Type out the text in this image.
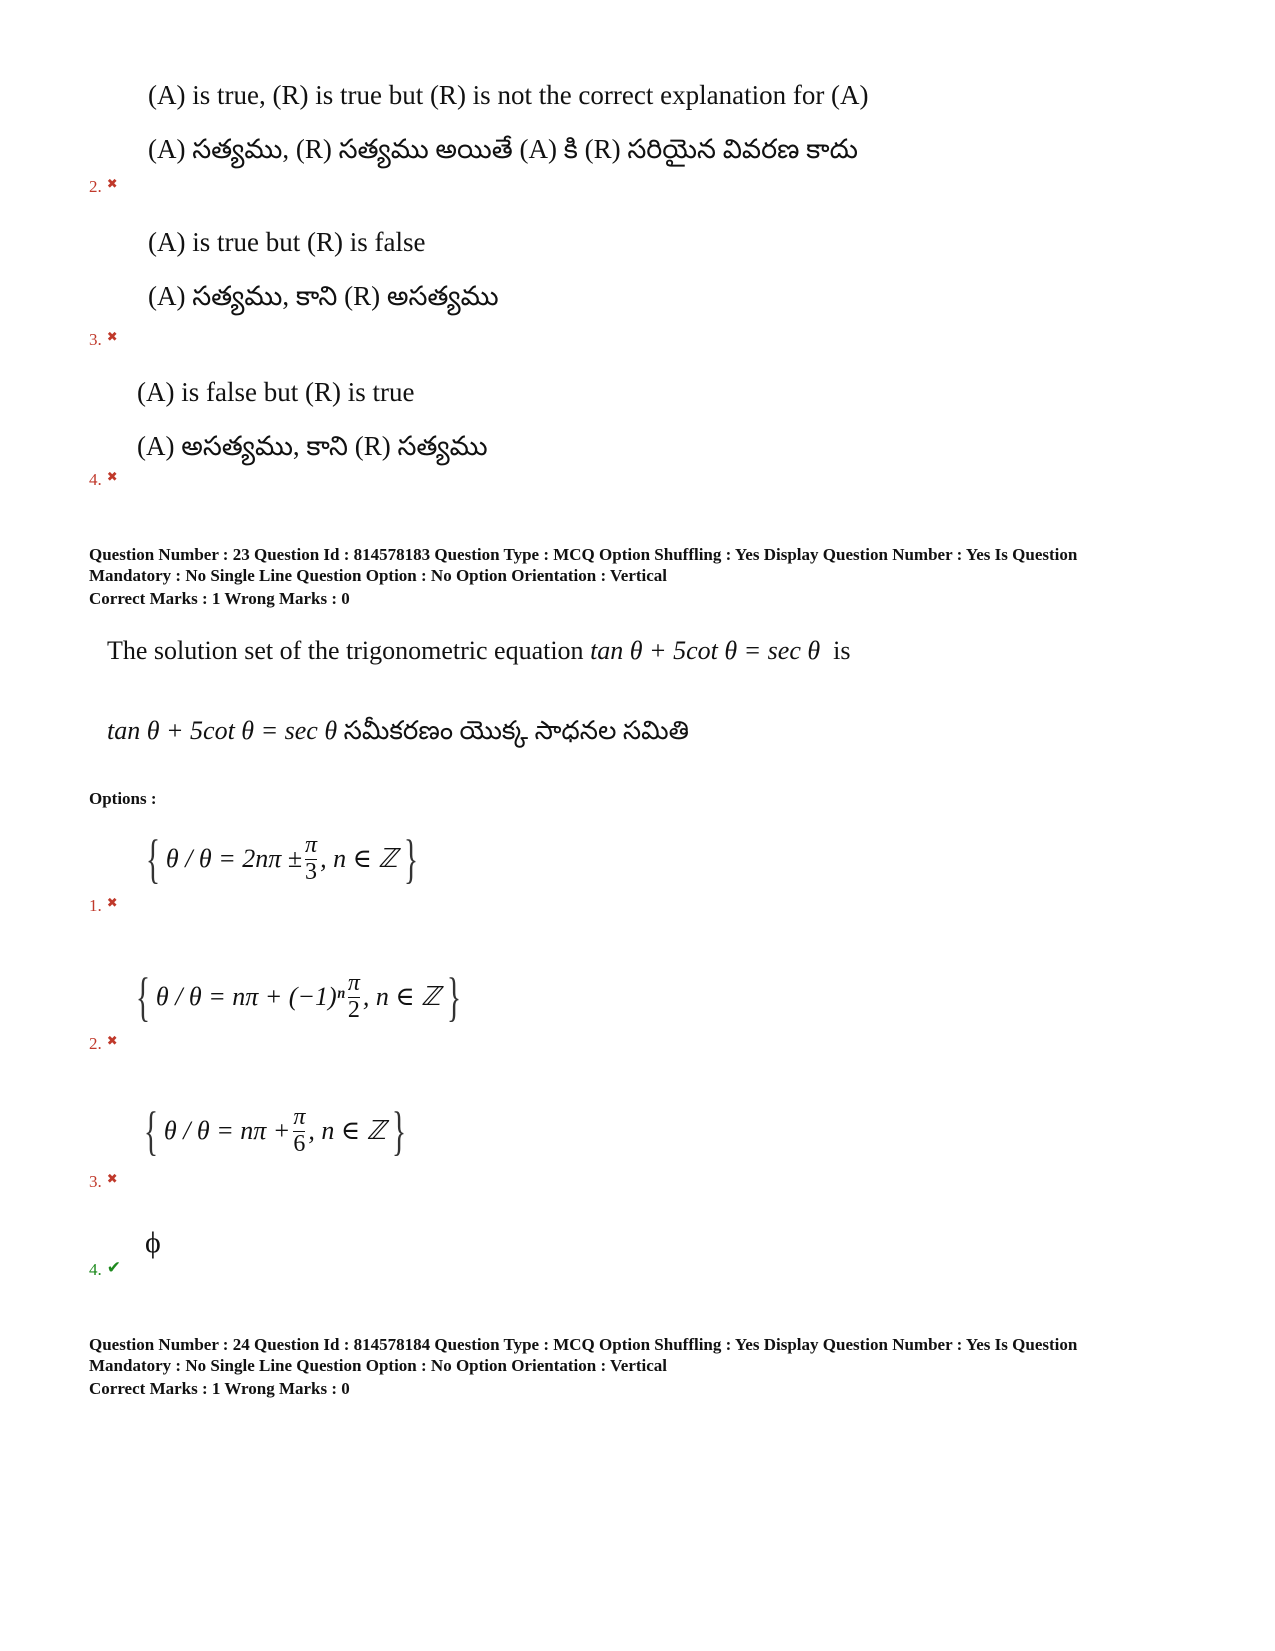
(A) is true, (R) is true but (R) is not the correct explanation for (A)
(A) సత్యము, (R) సత్యము అయితే (A) కి (R) సరియైన వివరణ కాదు
2. ✖
(A) is true but (R) is false
(A) సత్యము, కాని (R) అసత్యము
3. ✖
(A) is false but (R) is true
(A) అసత్యము, కాని (R) సత్యము
4. ✖
Question Number : 23 Question Id : 814578183 Question Type : MCQ Option Shuffling : Yes Display Question Number : Yes Is Question
Mandatory : No Single Line Question Option : No Option Orientation : Vertical
Correct Marks : 1 Wrong Marks : 0
The solution set of the trigonometric equation tan θ + 5cot θ = sec θ is
tan θ + 5cot θ = sec θ సమీకరణం యొక్క సాధనల సమితి
Options :
{ $\theta / \theta = 2n\pi \pm \frac{\pi}{3}$ , n ∈ ℤ }
1. ✖
{ $\theta / \theta = n\pi + (-1)^n \frac{\pi}{2}$ , n ∈ ℤ }
2. ✖
{ $\theta / \theta = n\pi + \frac{\pi}{6}$ , n ∈ ℤ }
3. ✖
ϕ
4. ✔
Question Number : 24 Question Id : 814578184 Question Type : MCQ Option Shuffling : Yes Display Question Number : Yes Is Question
Mandatory : No Single Line Question Option : No Option Orientation : Vertical
Correct Marks : 1 Wrong Marks : 0
